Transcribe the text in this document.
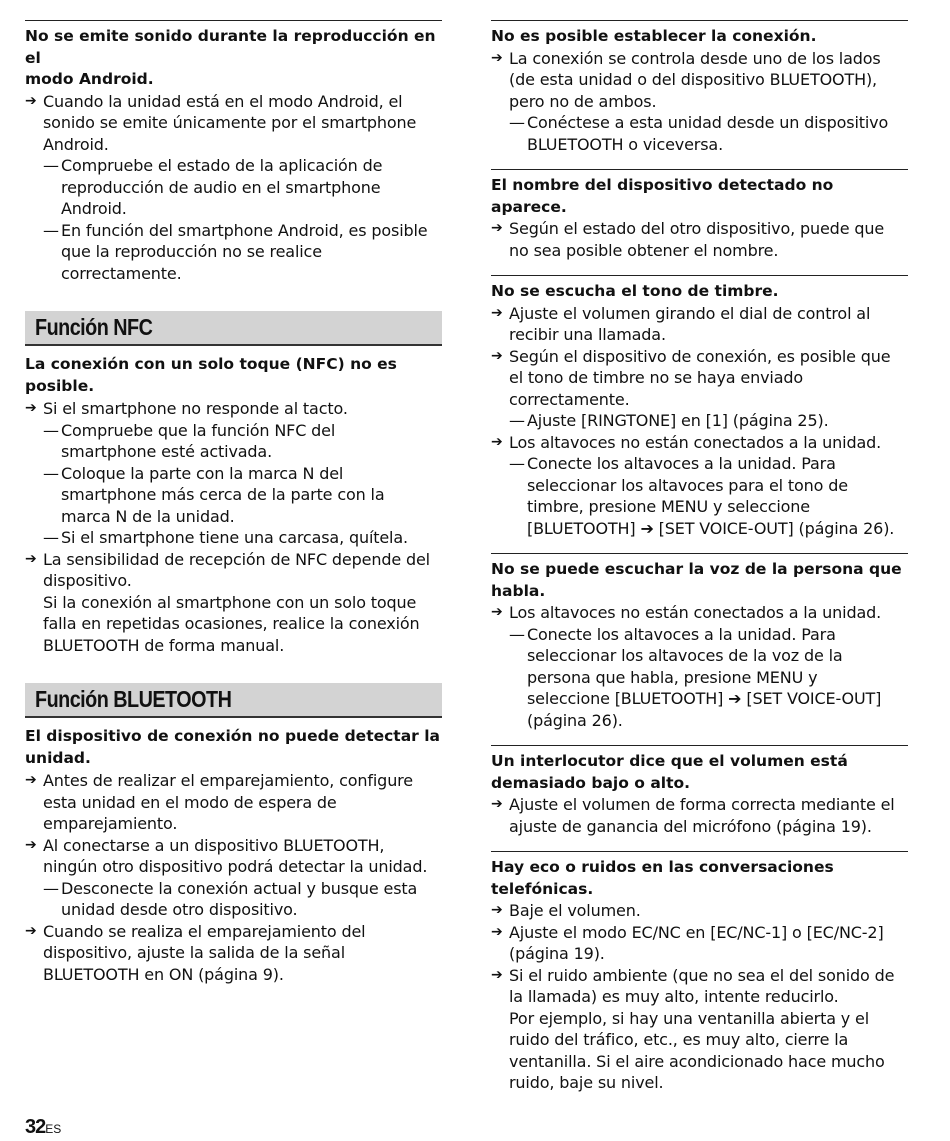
No se emite sonido durante la reproducción en el
modo Android.
➔ Cuando la unidad está en el modo Android, el
sonido se emite únicamente por el smartphone
Android.
— Compruebe el estado de la aplicación de
reproducción de audio en el smartphone
Android.
— En función del smartphone Android, es posible
que la reproducción no se realice
correctamente.
Función NFC
La conexión con un solo toque (NFC) no es
posible.
➔ Si el smartphone no responde al tacto.
— Compruebe que la función NFC del
smartphone esté activada.
— Coloque la parte con la marca N del
smartphone más cerca de la parte con la
marca N de la unidad.
— Si el smartphone tiene una carcasa, quítela.
➔ La sensibilidad de recepción de NFC depende del
dispositivo.
Si la conexión al smartphone con un solo toque
falla en repetidas ocasiones, realice la conexión
BLUETOOTH de forma manual.
Función BLUETOOTH
El dispositivo de conexión no puede detectar la
unidad.
➔ Antes de realizar el emparejamiento, configure
esta unidad en el modo de espera de
emparejamiento.
➔ Al conectarse a un dispositivo BLUETOOTH,
ningún otro dispositivo podrá detectar la unidad.
— Desconecte la conexión actual y busque esta
unidad desde otro dispositivo.
➔ Cuando se realiza el emparejamiento del
dispositivo, ajuste la salida de la señal
BLUETOOTH en ON (página 9).
No es posible establecer la conexión.
➔ La conexión se controla desde uno de los lados
(de esta unidad o del dispositivo BLUETOOTH),
pero no de ambos.
— Conéctese a esta unidad desde un dispositivo
BLUETOOTH o viceversa.
El nombre del dispositivo detectado no aparece.
➔ Según el estado del otro dispositivo, puede que
no sea posible obtener el nombre.
No se escucha el tono de timbre.
➔ Ajuste el volumen girando el dial de control al
recibir una llamada.
➔ Según el dispositivo de conexión, es posible que
el tono de timbre no se haya enviado
correctamente.
— Ajuste [RINGTONE] en [1] (página 25).
➔ Los altavoces no están conectados a la unidad.
— Conecte los altavoces a la unidad. Para
seleccionar los altavoces para el tono de
timbre, presione MENU y seleccione
[BLUETOOTH] ➔ [SET VOICE-OUT] (página 26).
No se puede escuchar la voz de la persona que
habla.
➔ Los altavoces no están conectados a la unidad.
— Conecte los altavoces a la unidad. Para
seleccionar los altavoces de la voz de la
persona que habla, presione MENU y
seleccione [BLUETOOTH] ➔ [SET VOICE-OUT]
(página 26).
Un interlocutor dice que el volumen está
demasiado bajo o alto.
➔ Ajuste el volumen de forma correcta mediante el
ajuste de ganancia del micrófono (página 19).
Hay eco o ruidos en las conversaciones
telefónicas.
➔ Baje el volumen.
➔ Ajuste el modo EC/NC en [EC/NC-1] o [EC/NC-2]
(página 19).
➔ Si el ruido ambiente (que no sea el del sonido de
la llamada) es muy alto, intente reducirlo.
Por ejemplo, si hay una ventanilla abierta y el
ruido del tráfico, etc., es muy alto, cierre la
ventanilla. Si el aire acondicionado hace mucho
ruido, baje su nivel.
32ES
